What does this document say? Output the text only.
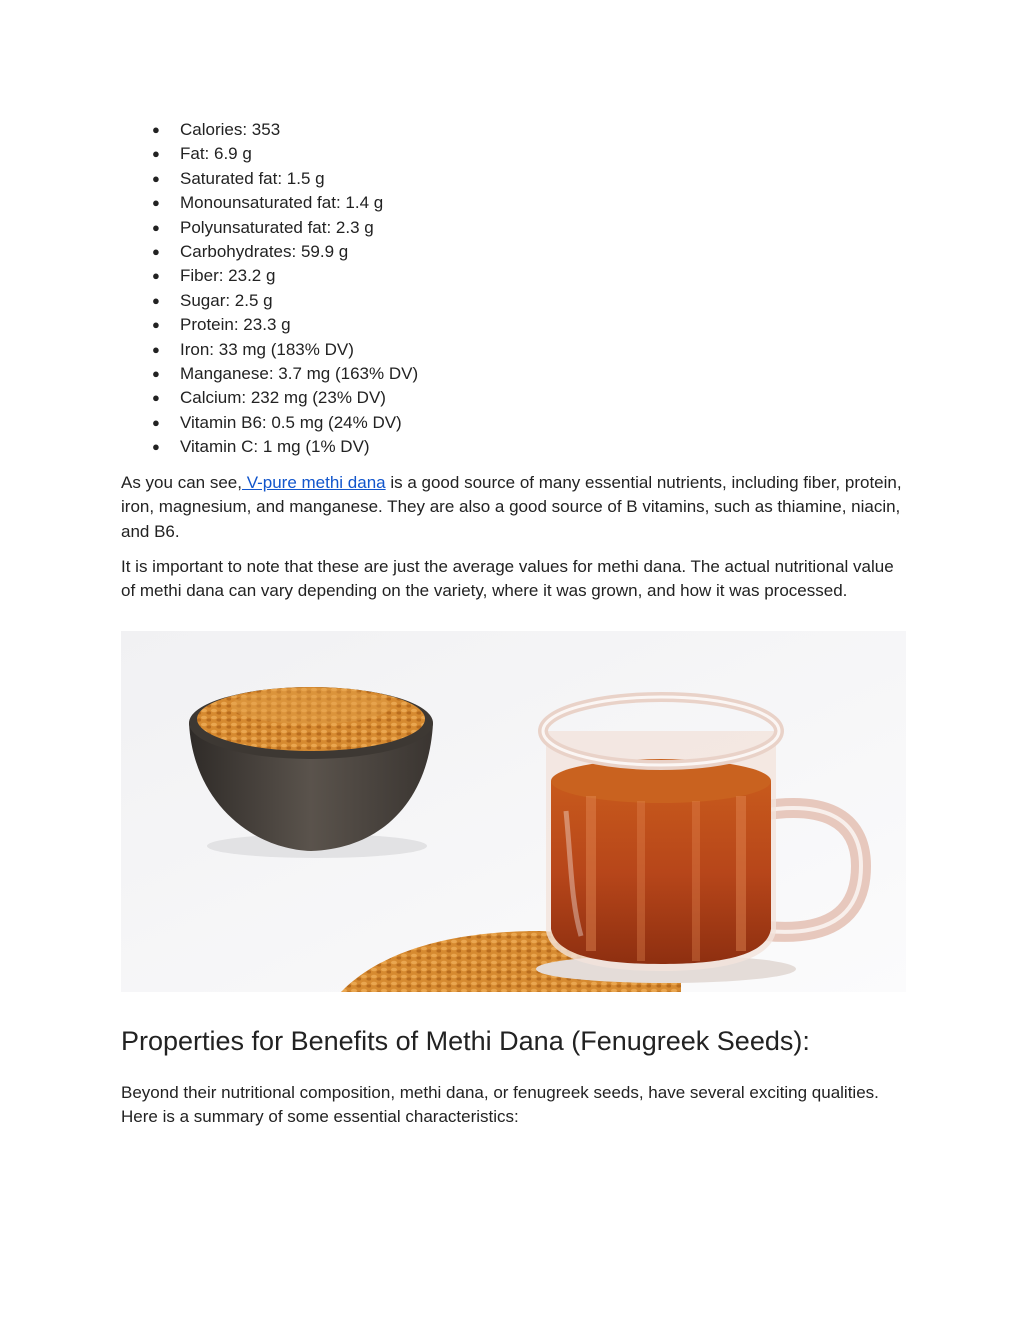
●	Calories: 353
●	Fat: 6.9 g
●	Saturated fat: 1.5 g
●	Monounsaturated fat: 1.4 g
●	Polyunsaturated fat: 2.3 g
●	Carbohydrates: 59.9 g
●	Fiber: 23.2 g
●	Sugar: 2.5 g
●	Protein: 23.3 g
●	Iron: 33 mg (183% DV)
●	Manganese: 3.7 mg (163% DV)
●	Calcium: 232 mg (23% DV)
●	Vitamin B6: 0.5 mg (24% DV)
●	Vitamin C: 1 mg (1% DV)

As you can see, V-pure methi dana is a good source of many essential nutrients, including fiber, protein, iron, magnesium, and manganese. They are also a good source of B vitamins, such as thiamine, niacin, and B6.

It is important to note that these are just the average values for methi dana. The actual nutritional value of methi dana can vary depending on the variety, where it was grown, and how it was processed.

Properties for Benefits of Methi Dana (Fenugreek Seeds):

Beyond their nutritional composition, methi dana, or fenugreek seeds, have several exciting qualities. Here is a summary of some essential characteristics:
